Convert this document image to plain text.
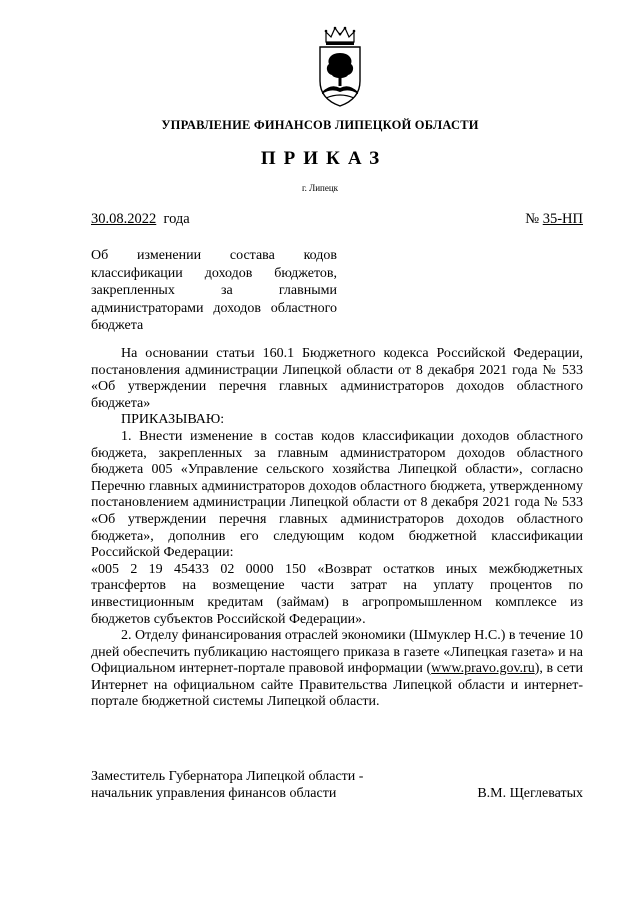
УПРАВЛЕНИЕ ФИНАНСОВ ЛИПЕЦКОЙ ОБЛАСТИ
ПРИКАЗ
г. Липецк
30.08.2022 года	№ 35-НП
Об изменении состава кодов классификации доходов бюджетов, закрепленных за главными администраторами доходов областного бюджета

На основании статьи 160.1 Бюджетного кодекса Российской Федерации, постановления администрации Липецкой области от 8 декабря 2021 года № 533 «Об утверждении перечня главных администраторов доходов областного бюджета»

ПРИКАЗЫВАЮ:

1. Внести изменение в состав кодов классификации доходов областного бюджета, закрепленных за главным администратором доходов областного бюджета 005 «Управление сельского хозяйства Липецкой области», согласно Перечню главных администраторов доходов областного бюджета, утвержденному постановлением администрации Липецкой области от 8 декабря 2021 года № 533 «Об утверждении перечня главных администраторов доходов областного бюджета», дополнив его следующим кодом бюджетной классификации Российской Федерации:

«005 2 19 45433 02 0000 150 «Возврат остатков иных межбюджетных трансфертов на возмещение части затрат на уплату процентов по инвестиционным кредитам (займам) в агропромышленном комплексе из бюджетов субъектов Российской Федерации».

2. Отделу финансирования отраслей экономики (Шмуклер Н.С.) в течение 10 дней обеспечить публикацию настоящего приказа в газете «Липецкая газета» и на Официальном интернет-портале правовой информации (www.pravo.gov.ru), в сети Интернет на официальном сайте Правительства Липецкой области и интернет-портале бюджетной системы Липецкой области.

Заместитель Губернатора Липецкой области -
начальник управления финансов области	В.М. Щеглеватых
